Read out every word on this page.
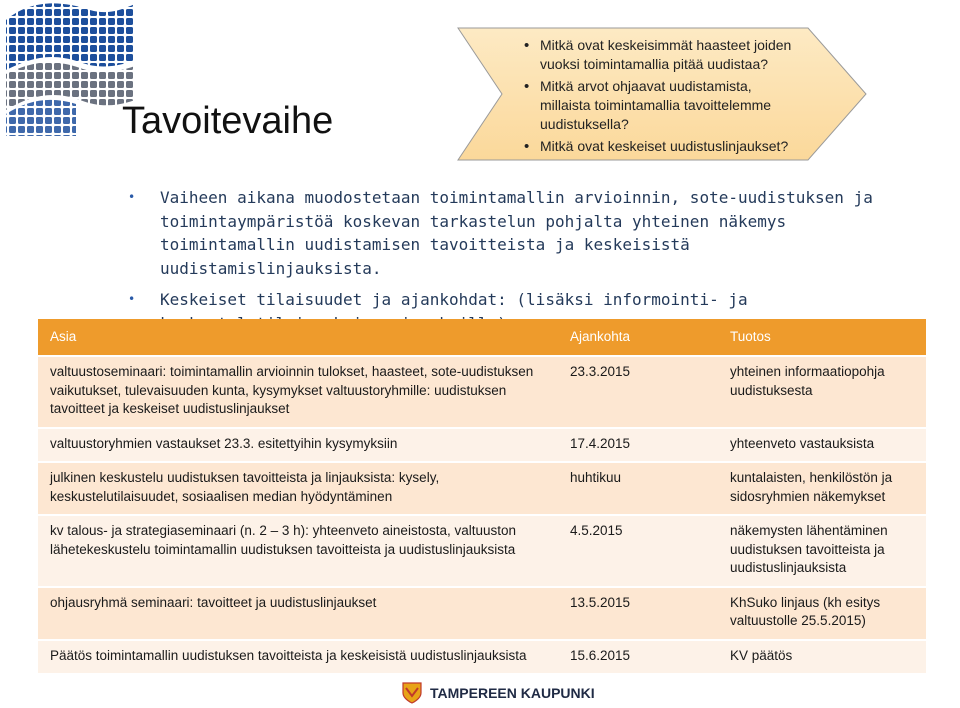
Tavoitevaihe
• Mitkä ovat keskeisimmät haasteet joiden vuoksi toimintamallia pitää uudistaa?
• Mitkä arvot ohjaavat uudistamista, millaista toimintamallia tavoittelemme uudistuksella?
• Mitkä ovat keskeiset uudistuslinjaukset?
• Vaiheen aikana muodostetaan toimintamallin arvioinnin, sote-uudistuksen ja toimintaympäristöä koskevan tarkastelun pohjalta yhteinen näkemys toimintamallin uudistamisen tavoitteista ja keskeisistä uudistamislinjauksista.
• Keskeiset tilaisuudet ja ajankohdat: (lisäksi informointi- ja
Asia	Ajankohta	Tuotos
valtuustoseminaari: toimintamallin arvioinnin tulokset, haasteet, sote-uudistuksen vaikutukset, tulevaisuuden kunta, kysymykset valtuustoryhmille: uudistuksen tavoitteet ja keskeiset uudistuslinjaukset	23.3.2015	yhteinen informaatiopohja uudistuksesta
valtuustoryhmien vastaukset 23.3. esitettyihin kysymyksiin	17.4.2015	yhteenveto vastauksista
julkinen keskustelu uudistuksen tavoitteista ja linjauksista: kysely, keskustelutilaisuudet, sosiaalisen median hyödyntäminen	huhtikuu	kuntalaisten, henkilöstön ja sidosryhmien näkemykset
kv talous- ja strategiaseminaari (n. 2 – 3 h): yhteenveto aineistosta, valtuuston lähetekeskustelu toimintamallin uudistuksen tavoitteista ja uudistuslinjauksista	4.5.2015	näkemysten lähentäminen uudistuksen tavoitteista ja uudistuslinjauksista
ohjausryhmä seminaari: tavoitteet ja uudistuslinjaukset	13.5.2015	KhSuko linjaus (kh esitys valtuustolle 25.5.2015)
Päätös toimintamallin uudistuksen tavoitteista ja keskeisistä uudistuslinjauksista	15.6.2015	KV päätös
TAMPEREEN KAUPUNKI
